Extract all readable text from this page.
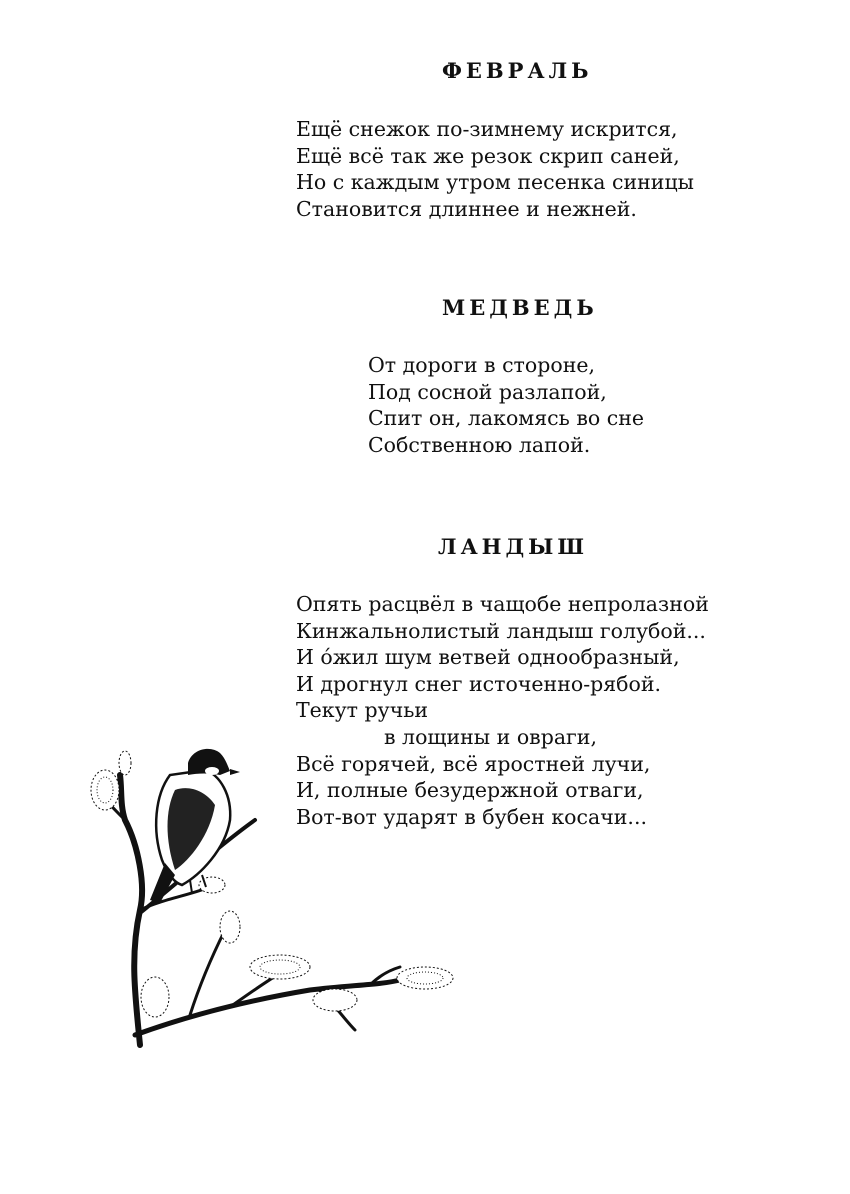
ФЕВРАЛЬ
Ещё снежок по-зимнему искрится,
Ещё всё так же резок скрип саней,
Но с каждым утром песенка синицы
Становится длиннее и нежней.
МЕДВЕДЬ
От дороги в стороне,
Под сосной разлапой,
Спит он, лакомясь во сне
Собственною лапой.
ЛАНДЫШ
Опять расцвёл в чащобе непролазной
Кинжальнолистый ландыш голубой...
И о́жил шум ветвей однообразный,
И дрогнул снег источенно-рябой.
Текут ручьи
в лощины и овраги,
Всё горячей, всё яростней лучи,
И, полные безудержной отваги,
Вот-вот ударят в бубен косачи...
